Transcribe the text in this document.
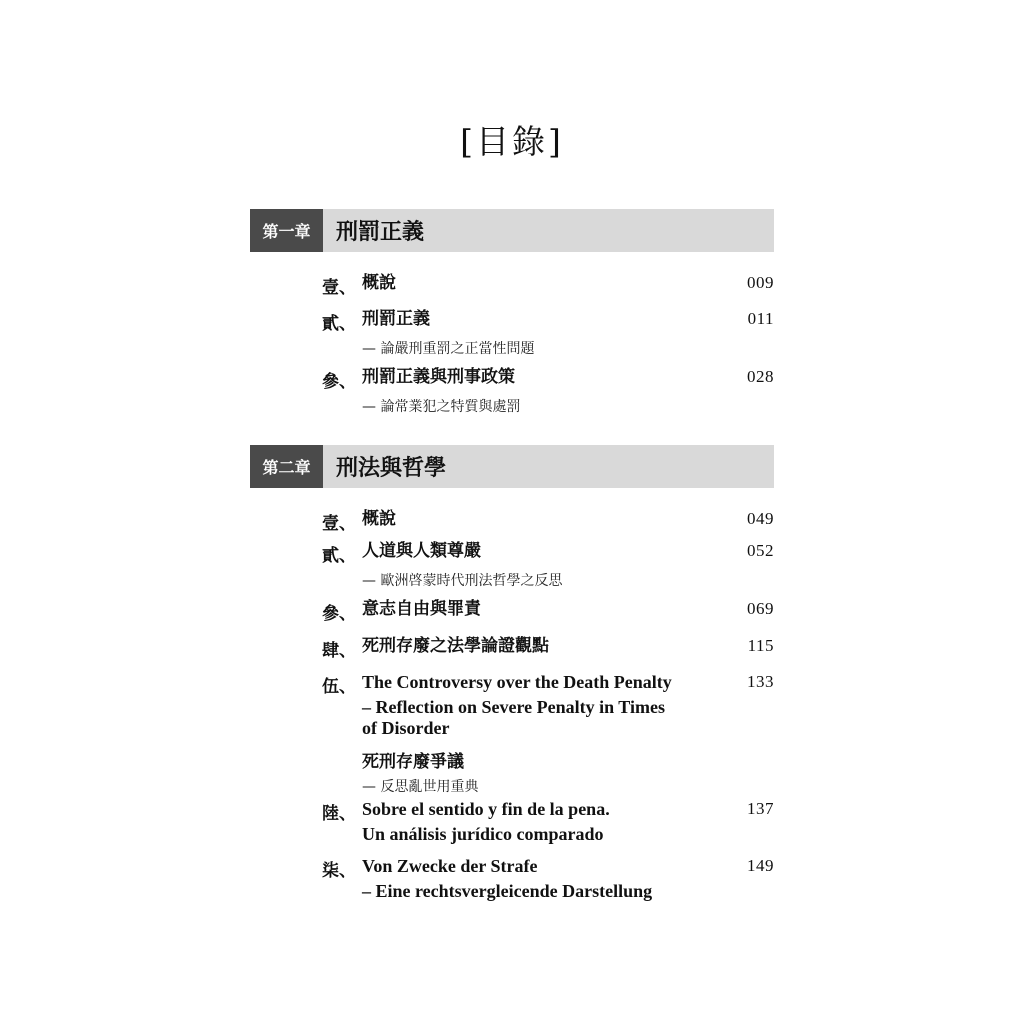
[目錄]
第一章	刑罰正義
壹、 概說	009
貳、 刑罰正義	011
— 論嚴刑重罰之正當性問題
參、 刑罰正義與刑事政策	028
— 論常業犯之特質與處罰
第二章	刑法與哲學
壹、 概說	049
貳、 人道與人類尊嚴	052
— 歐洲啓蒙時代刑法哲學之反思
參、 意志自由與罪責	069
肆、 死刑存廢之法學論證觀點	115
伍、 The Controversy over the Death Penalty	133
– Reflection on Severe Penalty in Times
of Disorder
死刑存廢爭議
— 反思亂世用重典
陸、 Sobre el sentido y fin de la pena.	137
Un análisis jurídico comparado
柒、 Von Zwecke der Strafe	149
– Eine rechtsvergleicende Darstellung
